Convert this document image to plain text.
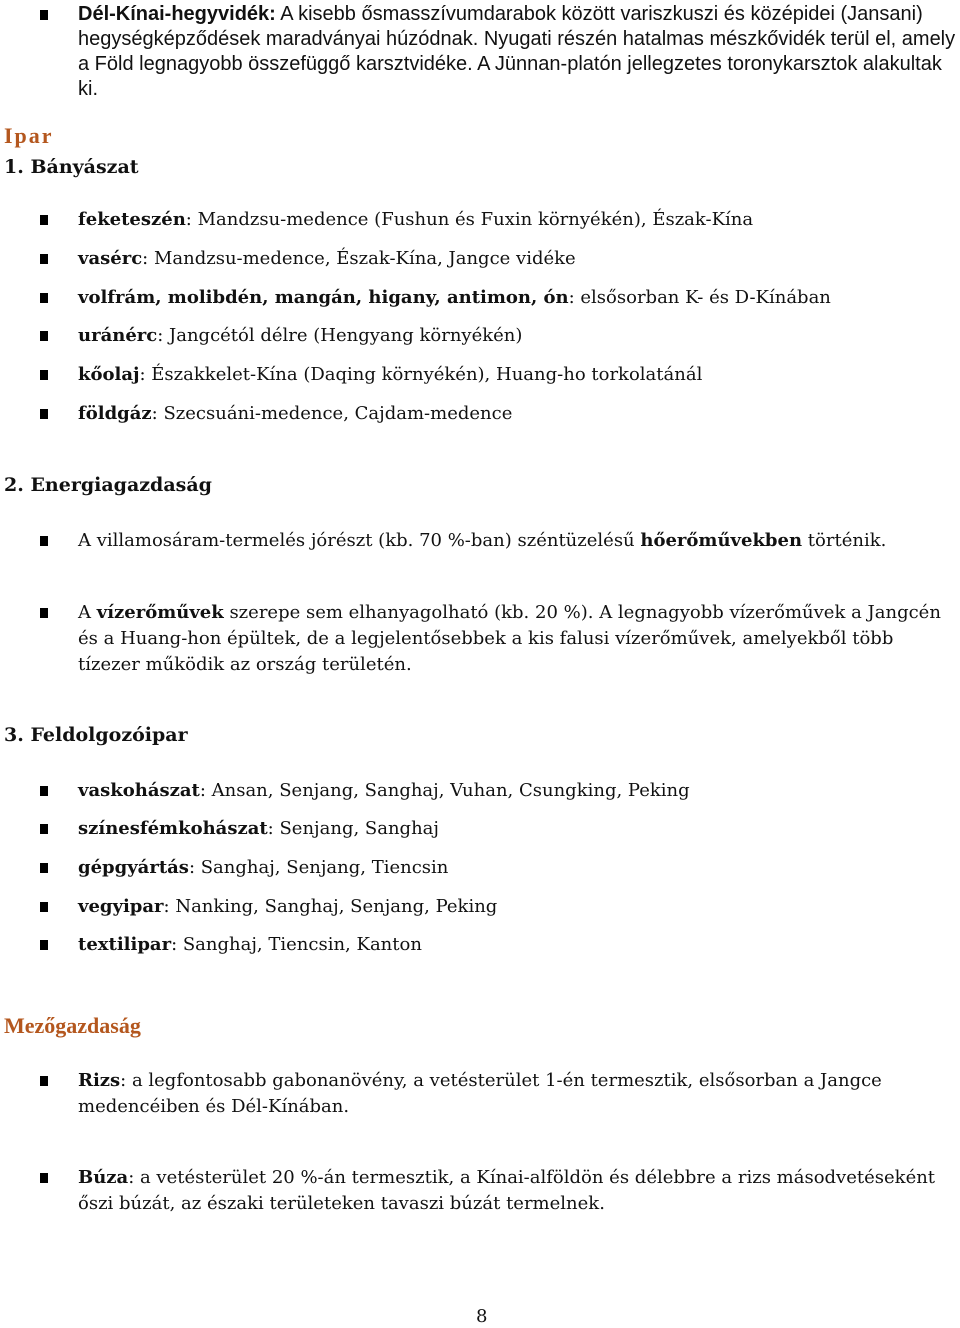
Dél-Kínai-hegyvidék: A kisebb ősmasszívumdarabok között variszkuszi és középidei (Jansani) hegységképződések maradványai húzódnak. Nyugati részén hatalmas mészkővidék terül el, amely a Föld legnagyobb összefüggő karsztvidéke. A Jünnan-platón jellegzetes toronykarsztok alakultak ki.
Ipar
1. Bányászat
feketeszén: Mandzsu-medence (Fushun és Fuxin környékén), Észak-Kína
vasérc: Mandzsu-medence, Észak-Kína, Jangce vidéke
volfrám, molibdén, mangán, higany, antimon, ón: elsősorban K- és D-Kínában
uránérc: Jangcétól délre (Hengyang környékén)
kőolaj: Északkelet-Kína (Daqing környékén), Huang-ho torkolatánál
földgáz: Szecsuáni-medence, Cajdam-medence
2. Energiagazdaság
A villamosáram-termelés jórészt (kb. 70 %-ban) széntüzelésű hőerőművekben történik.
A vízerőművek szerepe sem elhanyagolható (kb. 20 %). A legnagyobb vízerőművek a Jangcén és a Huang-hon épültek, de a legjelentősebbek a kis falusi vízerőművek, amelyekből több tízezer működik az ország területén.
3. Feldolgozóipar
vaskohászat: Ansan, Senjang, Sanghaj, Vuhan, Csungking, Peking
színesfémkohászat: Senjang, Sanghaj
gépgyártás: Sanghaj, Senjang, Tiencsin
vegyipar: Nanking, Sanghaj, Senjang, Peking
textilipar: Sanghaj, Tiencsin, Kanton
Mezőgazdaság
Rizs: a legfontosabb gabonanövény, a vetésterület 1-én termesztik, elsősorban a Jangce medencéiben és Dél-Kínában.
Búza: a vetésterület 20 %-án termesztik, a Kínai-alföldön és délebbre a rizs másodvetéseként őszi búzát, az északi területeken tavaszi búzát termelnek.
8
